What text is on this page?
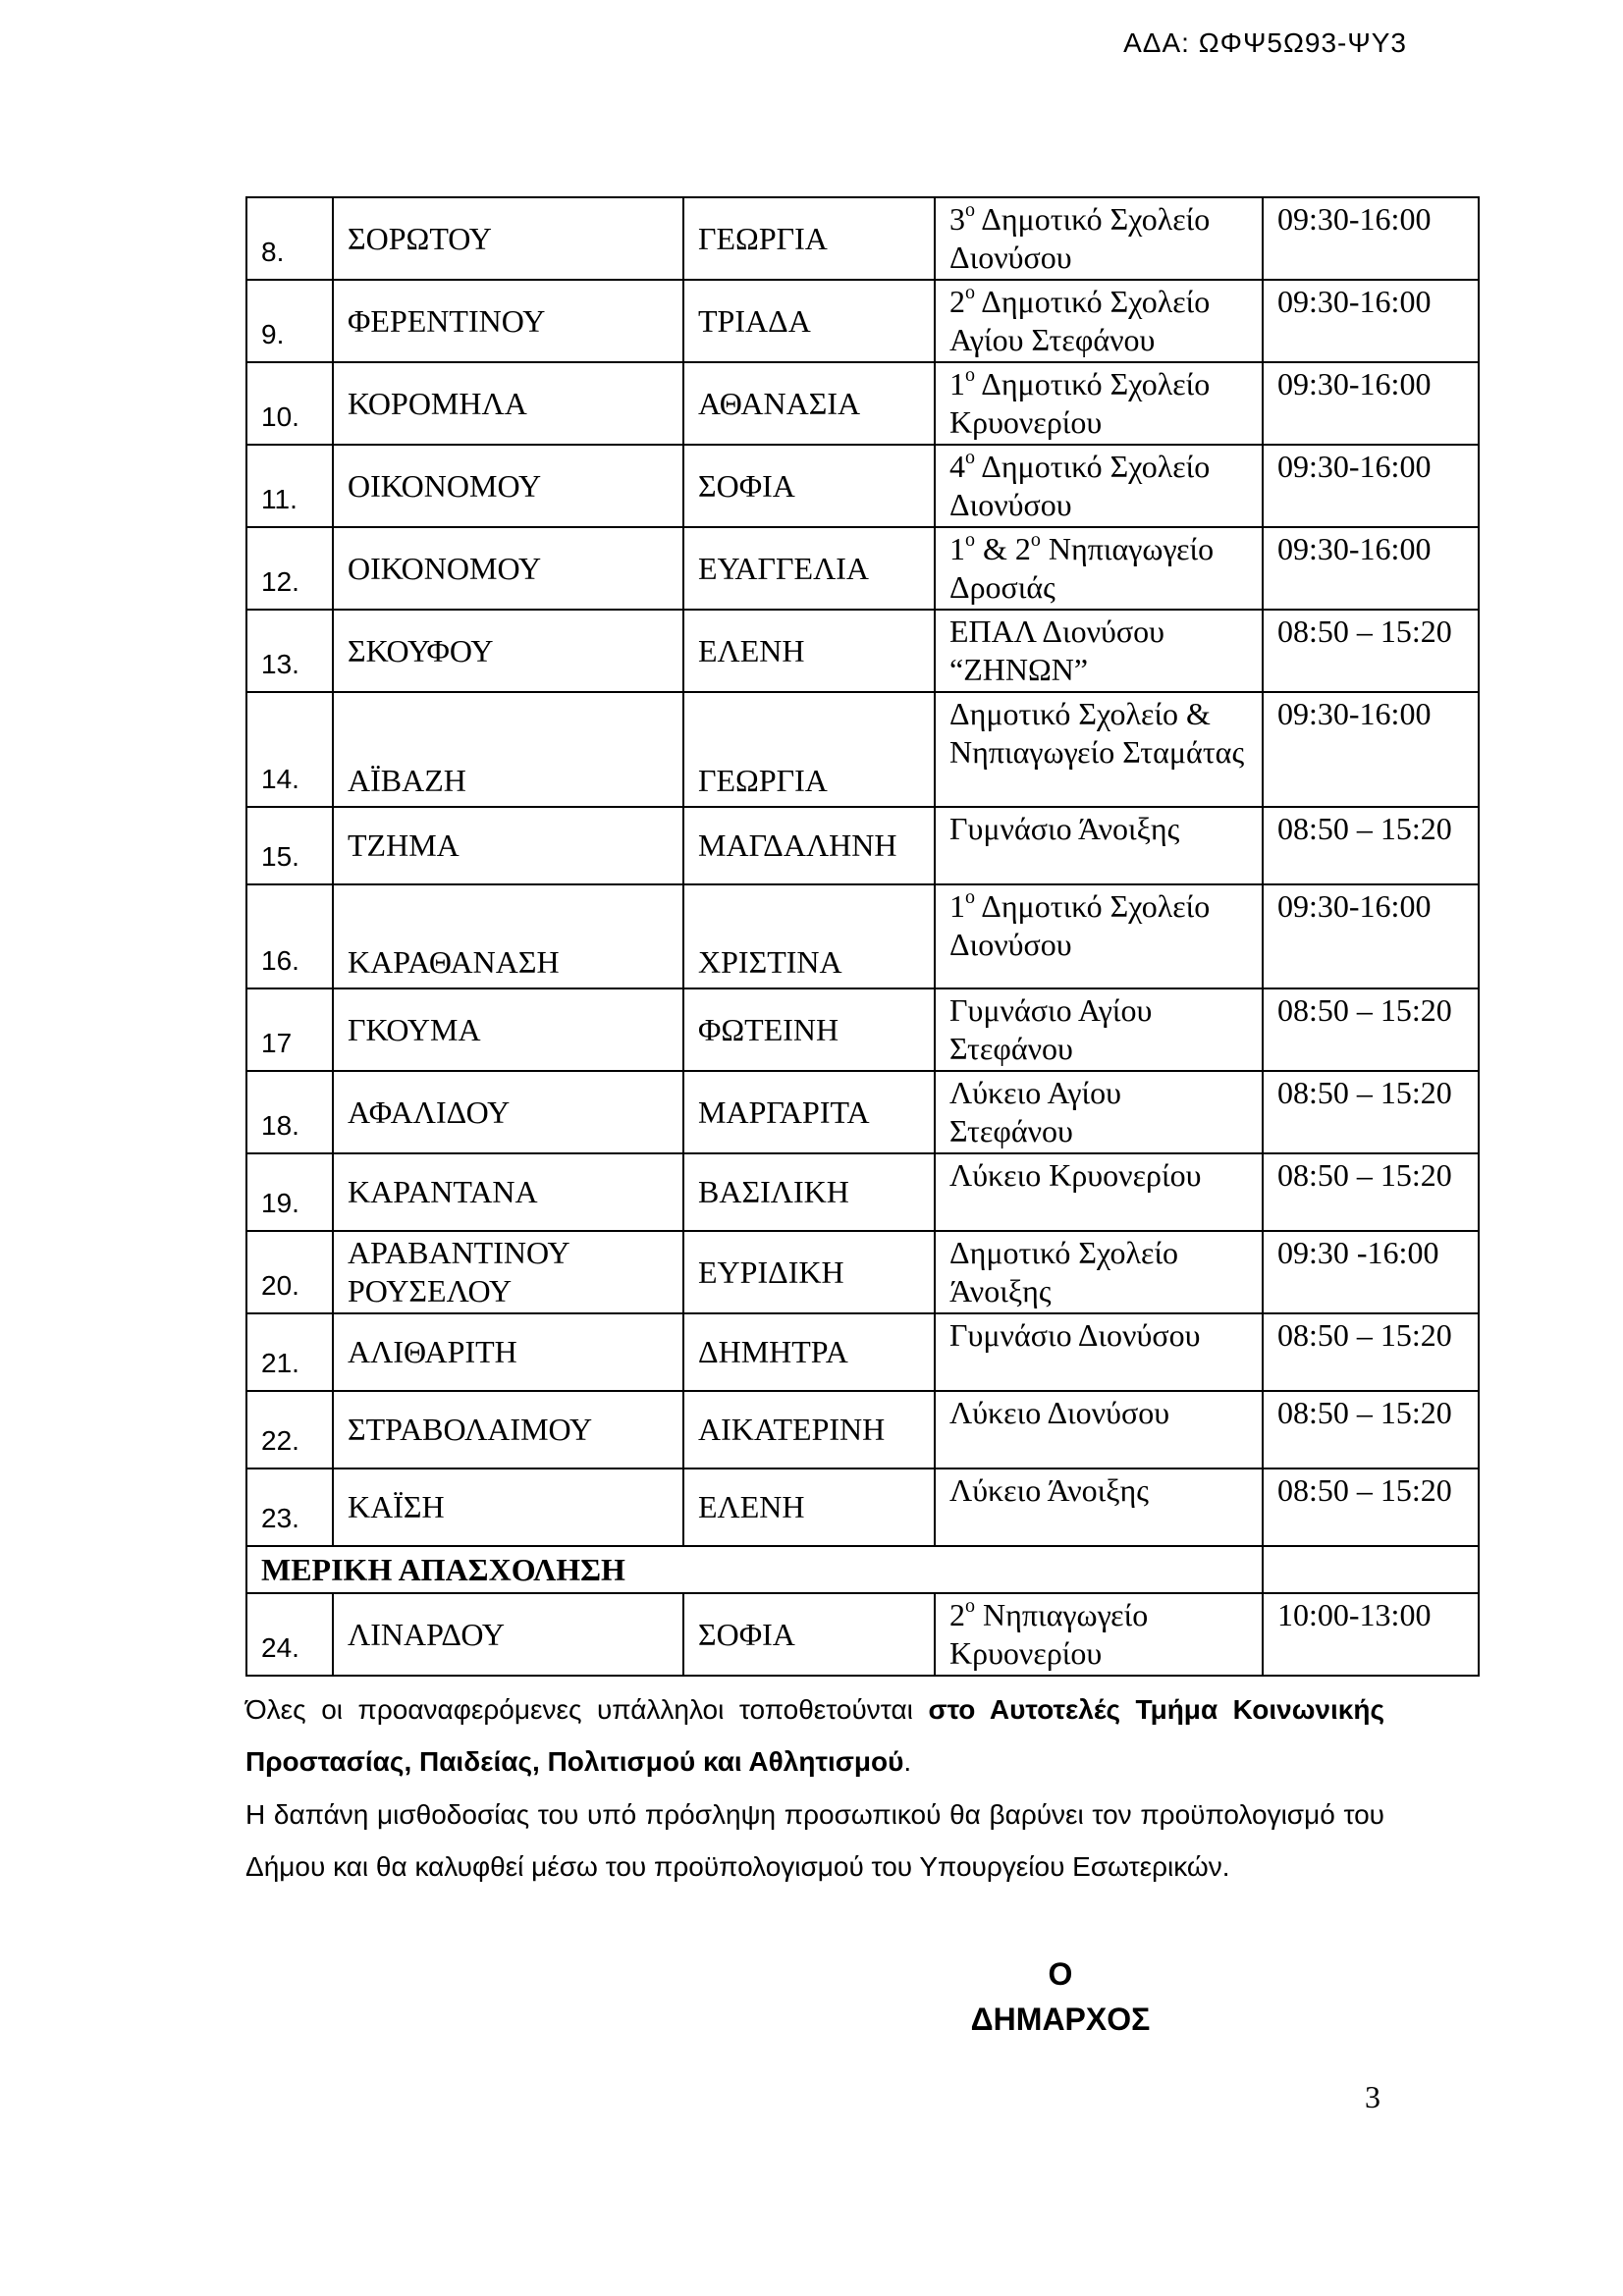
ΑΔΑ: ΩΦΨ5Ω93-ΨΥ3
8.	ΣΟΡΩΤΟΥ	ΓΕΩΡΓΙΑ	$3^o$ Δημοτικό Σχολείο Διονύσου	09:30-16:00
9.	ΦΕΡΕΝΤΙΝΟΥ	ΤΡΙΑΔΑ	$2^o$ Δημοτικό Σχολείο Αγίου Στεφάνου	09:30-16:00
10.	ΚΟΡΟΜΗΛΑ	ΑΘΑΝΑΣΙΑ	$1^o$ Δημοτικό Σχολείο Κρυονερίου	09:30-16:00
11.	ΟΙΚΟΝΟΜΟΥ	ΣΟΦΙΑ	$4^o$ Δημοτικό Σχολείο Διονύσου	09:30-16:00
12.	ΟΙΚΟΝΟΜΟΥ	ΕΥΑΓΓΕΛΙΑ	$1^o$ & $2^o$ Νηπιαγωγείο Δροσιάς	09:30-16:00
13.	ΣΚΟΥΦΟΥ	ΕΛΕΝΗ	ΕΠΑΛ Διονύσου “ΖΗΝΩΝ”	08:50 – 15:20
14.	ΑΪΒΑΖΗ	ΓΕΩΡΓΙΑ	Δημοτικό Σχολείο & Νηπιαγωγείο Σταμάτας	09:30-16:00
15.	ΤΖΗΜΑ	ΜΑΓΔΑΛΗΝΗ	Γυμνάσιο Άνοιξης	08:50 – 15:20
16.	ΚΑΡΑΘΑΝΑΣΗ	ΧΡΙΣΤΙΝΑ	$1^o$ Δημοτικό Σχολείο Διονύσου	09:30-16:00
17	ΓΚΟΥΜΑ	ΦΩΤΕΙΝΗ	Γυμνάσιο Αγίου Στεφάνου	08:50 – 15:20
18.	ΑΦΑΛΙΔΟΥ	ΜΑΡΓΑΡΙΤΑ	Λύκειο Αγίου Στεφάνου	08:50 – 15:20
19.	ΚΑΡΑΝΤΑΝΑ	ΒΑΣΙΛΙΚΗ	Λύκειο Κρυονερίου	08:50 – 15:20
20.	ΑΡΑΒΑΝΤΙΝΟΥ ΡΟΥΣΕΛΟΥ	ΕΥΡΙΔΙΚΗ	Δημοτικό Σχολείο Άνοιξης	09:30 -16:00
21.	ΑΛΙΘΑΡΙΤΗ	ΔΗΜΗΤΡΑ	Γυμνάσιο Διονύσου	08:50 – 15:20
22.	ΣΤΡΑΒΟΛΑΙΜΟΥ	ΑΙΚΑΤΕΡΙΝΗ	Λύκειο Διονύσου	08:50 – 15:20
23.	ΚΑΪΣΗ	ΕΛΕΝΗ	Λύκειο Άνοιξης	08:50 – 15:20
ΜΕΡΙΚΗ ΑΠΑΣΧΟΛΗΣΗ				
24.	ΛΙΝΑΡΔΟΥ	ΣΟΦΙΑ	$2^o$ Νηπιαγωγείο Κρυονερίου	10:00-13:00
Όλες οι προαναφερόμενες υπάλληλοι τοποθετούνται στο Αυτοτελές Τμήμα Κοινωνικής Προστασίας, Παιδείας, Πολιτισμού και Αθλητισμού.
Η δαπάνη μισθοδοσίας του υπό πρόσληψη προσωπικού θα βαρύνει τον προϋπολογισμό του Δήμου και θα καλυφθεί μέσω του προϋπολογισμού του Υπουργείου Εσωτερικών.
Ο
ΔΗΜΑΡΧΟΣ
3
